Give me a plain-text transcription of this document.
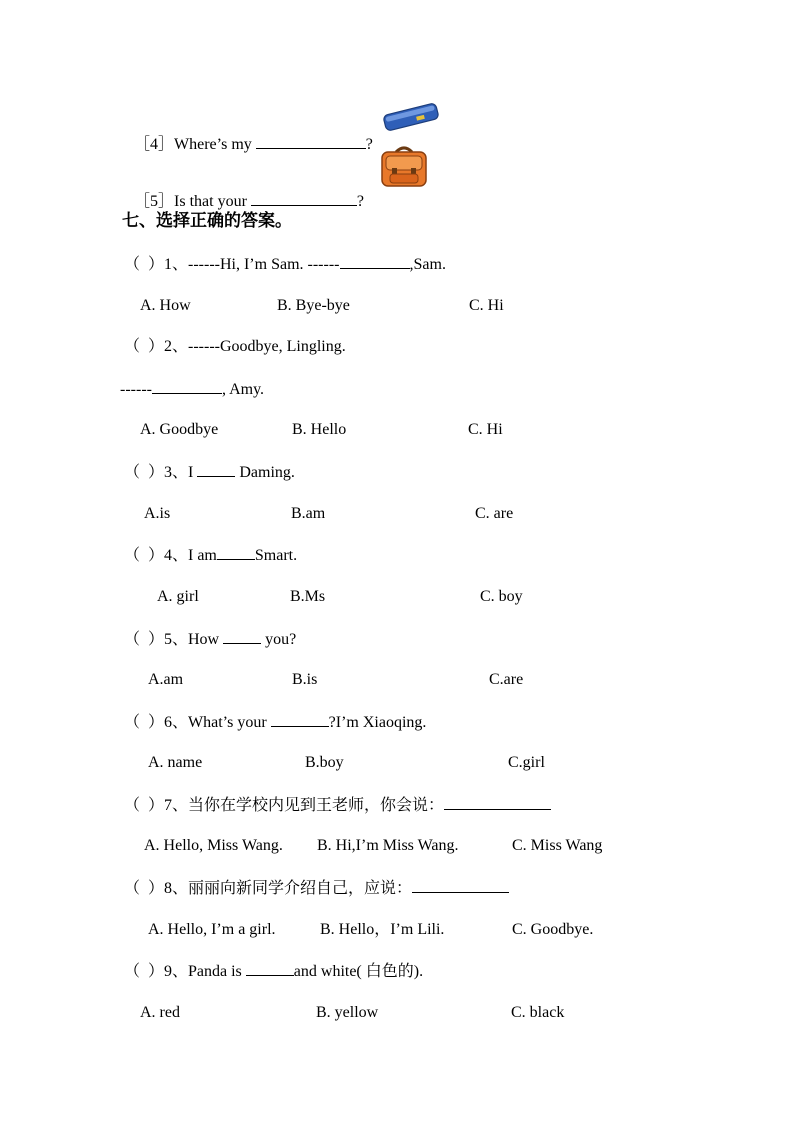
［4］Where’s my	?

［5］Is that your	?

七、选择正确的答案。
（  ）1、------Hi, I’m Sam. ------	,Sam.
A. How	B. Bye-bye	C. Hi
（  ）2、------Goodbye, Lingling.
------	, Amy.
A. Goodbye	B. Hello	C. Hi
（  ）3、I  Daming.
A.is	B.am	C. are
（  ）4、I am Smart.
A. girl	B.Ms	C. boy
（  ）5、How  you?
A.am	B.is	C.are
（  ）6、What’s your	?I’m Xiaoqing.
A. name	B.boy	C.girl
（  ）7、当你在学校内见到王老师，你会说：
A. Hello, Miss Wang. B. Hi,I’m Miss Wang.	C. Miss Wang
（  ）8、丽丽向新同学介绍自己，应说：
A. Hello, I’m a girl.	B. Hello，I’m Lili.	C. Goodbye.
（  ）9、Panda is	and white( 白色的).
A. red	B. yellow	C. black
